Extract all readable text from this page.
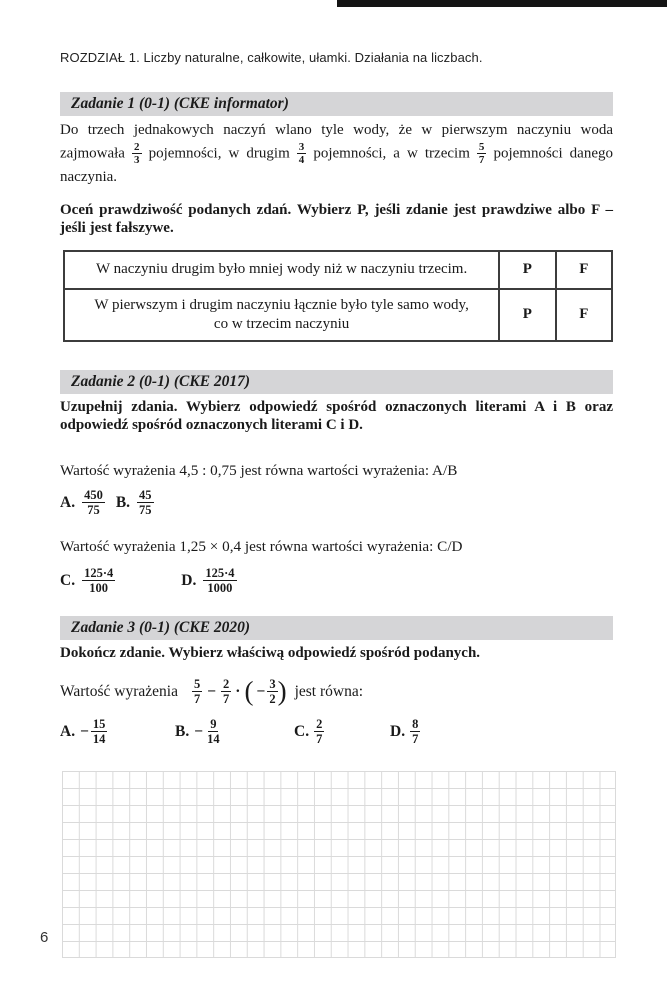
ROZDZIAŁ 1. Liczby naturalne, całkowite, ułamki. Działania na liczbach.
Zadanie 1 (0-1) (CKE informator)

Do trzech jednakowych naczyń wlano tyle wody, że w pierwszym naczyniu woda zajmowała $\frac{2}{3}$ pojemności, w drugim $\frac{3}{4}$ pojemności, a w trzecim $\frac{5}{7}$ pojemności danego naczynia.

Oceń prawdziwość podanych zdań. Wybierz P, jeśli zdanie jest prawdziwe albo F – jeśli jest fałszywe.

W naczyniu drugim było mniej wody niż w naczyniu trzecim.	P	F
W pierwszym i drugim naczyniu łącznie było tyle samo wody,
co w trzecim naczyniu	P	F
Zadanie 2 (0-1) (CKE 2017)

Uzupełnij zdania. Wybierz odpowiedź spośród oznaczonych literami A i B oraz odpowiedź spośród oznaczonych literami C i D.

Wartość wyrażenia 4,5 : 0,75 jest równa wartości wyrażenia: A/B

A. $\frac{450}{75} B$. $\frac{45}{75}$

Wartość wyrażenia 1,25 × 0,4 jest równa wartości wyrażenia: C/D

C. $\frac{125\cdot 4}{100}$	D. $\frac{125\cdot 4}{1000}$
Zadanie 3 (0-1) (CKE 2020)

Dokończ zdanie. Wybierz właściwą odpowiedź spośród podanych.

Wartość wyrażenia $\frac{5}{7} - \frac{2}{7}$ · ( − $\frac{3}{2}$ ) jest równa:
A. − $\frac{15}{14}$	B. − $\frac{9}{14}$	C. $\frac{2}{7}$	D. $\frac{8}{7}$
6
